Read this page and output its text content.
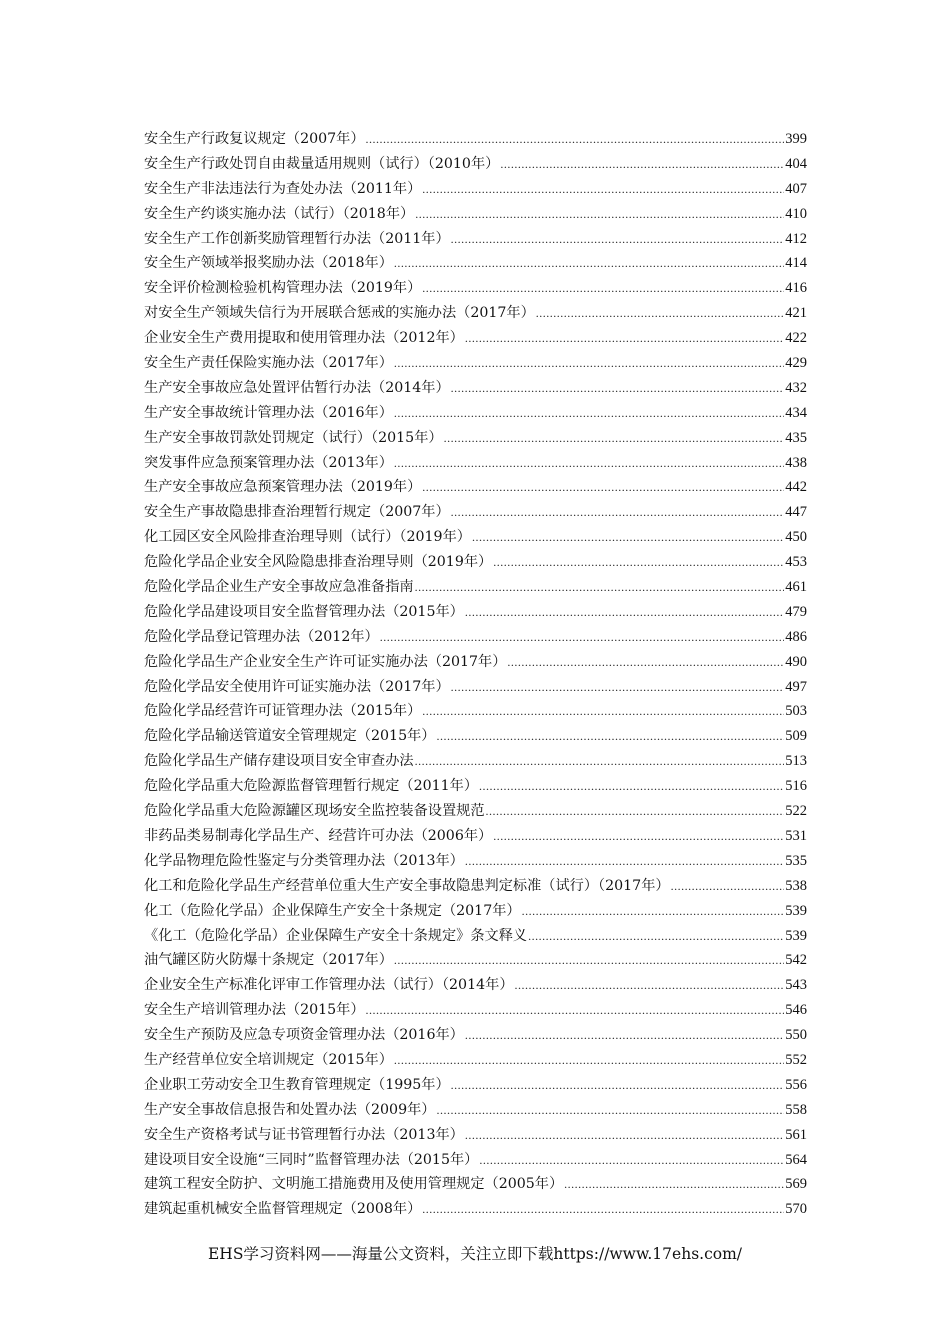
安全生产行政复议规定（2007年） .....	399
安全生产行政处罚自由裁量适用规则（试行）（2010年） .....	404
安全生产非法违法行为查处办法（2011年） .....	407
安全生产约谈实施办法（试行）（2018年） .....	410
安全生产工作创新奖励管理暂行办法（2011年） .....	412
安全生产领域举报奖励办法（2018年） .....	414
安全评价检测检验机构管理办法（2019年） .....	416
对安全生产领域失信行为开展联合惩戒的实施办法（2017年） .....	421
企业安全生产费用提取和使用管理办法（2012年） .....	422
安全生产责任保险实施办法（2017年） .....	429
生产安全事故应急处置评估暂行办法（2014年） .....	432
生产安全事故统计管理办法（2016年） .....	434
生产安全事故罚款处罚规定（试行）（2015年） .....	435
突发事件应急预案管理办法（2013年） .....	438
生产安全事故应急预案管理办法（2019年） .....	442
安全生产事故隐患排查治理暂行规定（2007年） .....	447
化工园区安全风险排查治理导则（试行）（2019年） .....	450
危险化学品企业安全风险隐患排查治理导则（2019年） .....	453
危险化学品企业生产安全事故应急准备指南 .....	461
危险化学品建设项目安全监督管理办法（2015年） .....	479
危险化学品登记管理办法（2012年） .....	486
危险化学品生产企业安全生产许可证实施办法（2017年） .....	490
危险化学品安全使用许可证实施办法（2017年） .....	497
危险化学品经营许可证管理办法（2015年） .....	503
危险化学品输送管道安全管理规定（2015年） .....	509
危险化学品生产储存建设项目安全审查办法 .....	513
危险化学品重大危险源监督管理暂行规定（2011年） .....	516
危险化学品重大危险源罐区现场安全监控装备设置规范 .....	522
非药品类易制毒化学品生产、经营许可办法（2006年） .....	531
化学品物理危险性鉴定与分类管理办法（2013年） .....	535
化工和危险化学品生产经营单位重大生产安全事故隐患判定标准（试行）（2017年） .....	538
化工（危险化学品）企业保障生产安全十条规定（2017年） .....	539
《化工（危险化学品）企业保障生产安全十条规定》条文释义 .....	539
油气罐区防火防爆十条规定（2017年） .....	542
企业安全生产标准化评审工作管理办法（试行）（2014年） .....	543
安全生产培训管理办法（2015年） .....	546
安全生产预防及应急专项资金管理办法（2016年） .....	550
生产经营单位安全培训规定（2015年） .....	552
企业职工劳动安全卫生教育管理规定（1995年） .....	556
生产安全事故信息报告和处置办法（2009年） .....	558
安全生产资格考试与证书管理暂行办法（2013年） .....	561
建设项目安全设施“三同时”监督管理办法（2015年） .....	564
建筑工程安全防护、文明施工措施费用及使用管理规定（2005年） .....	569
建筑起重机械安全监督管理规定（2008年） .....	570
EHS学习资料网——海量公文资料，关注立即下载https://www.17ehs.com/
